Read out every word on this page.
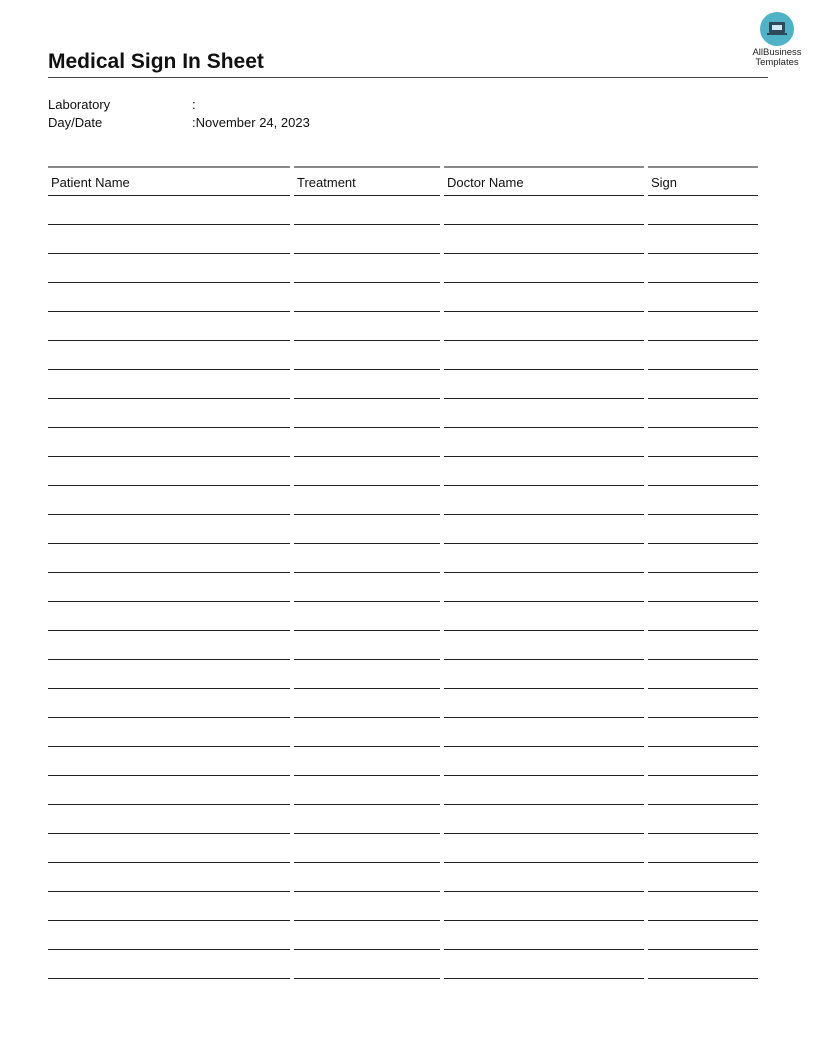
AllBusiness
Templates
Medical Sign In Sheet
Laboratory	:
Day/Date	:November 24, 2023
Patient Name	Treatment	Doctor Name	Sign
